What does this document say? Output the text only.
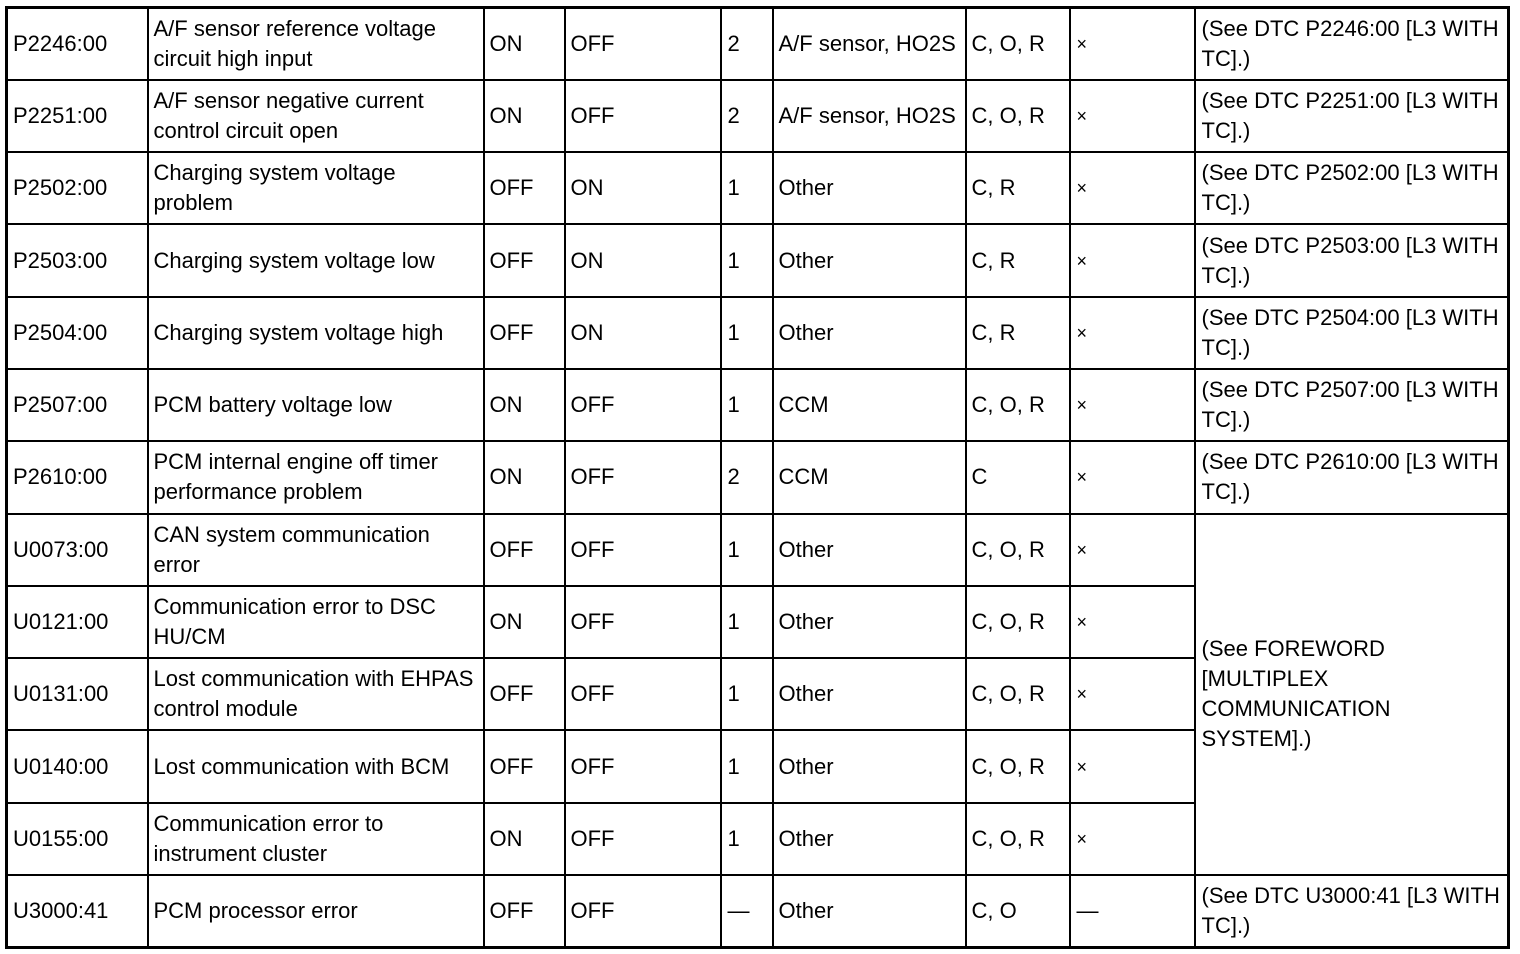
P2246:00	A/F sensor reference voltage circuit high input	ON	OFF	2	A/F sensor, HO2S	C, O, R	×	(See DTC P2246:00 [L3 WITH TC].)
P2251:00	A/F sensor negative current control circuit open	ON	OFF	2	A/F sensor, HO2S	C, O, R	×	(See DTC P2251:00 [L3 WITH TC].)
P2502:00	Charging system voltage problem	OFF	ON	1	Other	C, R	×	(See DTC P2502:00 [L3 WITH TC].)
P2503:00	Charging system voltage low	OFF	ON	1	Other	C, R	×	(See DTC P2503:00 [L3 WITH TC].)
P2504:00	Charging system voltage high	OFF	ON	1	Other	C, R	×	(See DTC P2504:00 [L3 WITH TC].)
P2507:00	PCM battery voltage low	ON	OFF	1	CCM	C, O, R	×	(See DTC P2507:00 [L3 WITH TC].)
P2610:00	PCM internal engine off timer performance problem	ON	OFF	2	CCM	C	×	(See DTC P2610:00 [L3 WITH TC].)
U0073:00	CAN system communication error	OFF	OFF	1	Other	C, O, R	×	(See FOREWORD [MULTIPLEX COMMUNICATION SYSTEM].)
U0121:00	Communication error to DSC HU/CM	ON	OFF	1	Other	C, O, R	×	
U0131:00	Lost communication with EHPAS control module	OFF	OFF	1	Other	C, O, R	×	
U0140:00	Lost communication with BCM	OFF	OFF	1	Other	C, O, R	×	
U0155:00	Communication error to instrument cluster	ON	OFF	1	Other	C, O, R	×	
U3000:41	PCM processor error	OFF	OFF	—	Other	C, O	—	(See DTC U3000:41 [L3 WITH TC].)
